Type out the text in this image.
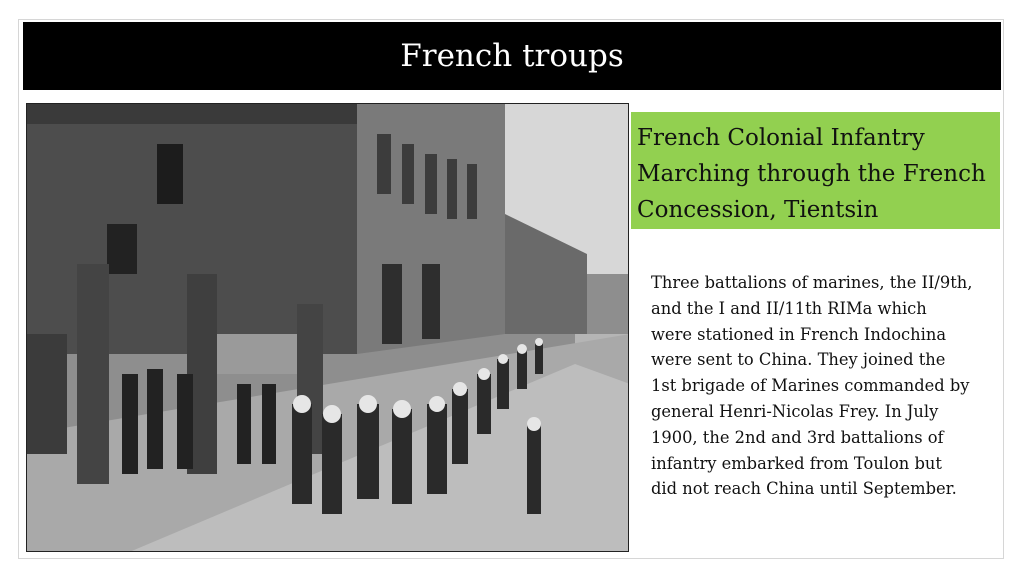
French troups
French Colonial Infantry
Marching through the French
Concession, Tientsin
Three battalions of marines, the II/9th,
and the I and II/11th RIMa which
were stationed in French Indochina
were sent to China. They joined the
1st brigade of Marines commanded by
general Henri-Nicolas Frey. In July
1900, the 2nd and 3rd battalions of
infantry embarked from Toulon but
did not reach China until September.
